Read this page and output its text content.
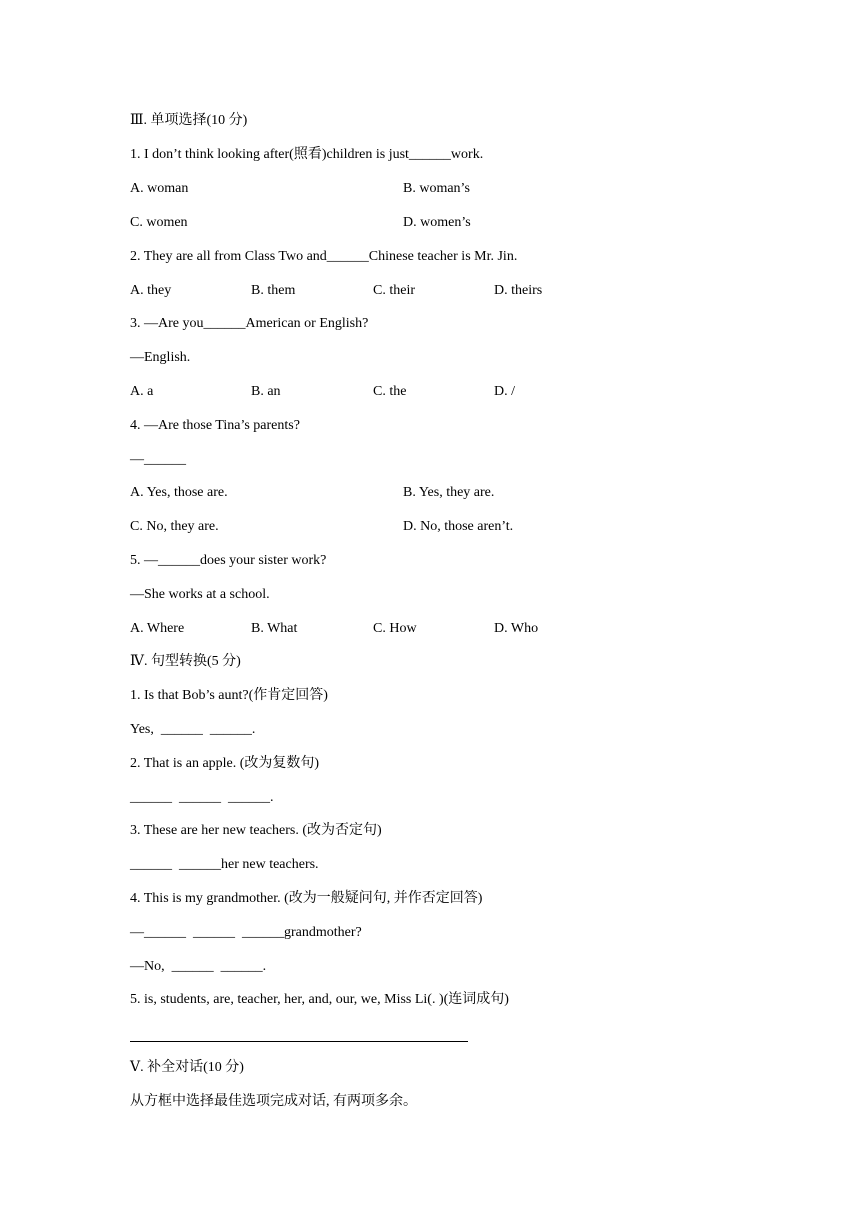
Ⅲ. 单项选择(10 分)
1. I don’t think looking after(照看)children is just______work.
A. woman	B. woman’s
C. women	D. women’s
2. They are all from Class Two and______Chinese teacher is Mr. Jin.
A. they	B. them	C. their	D. theirs
3. —Are you______American or English?
—English.
A. a	B. an	C. the	D. /
4. —Are those Tina’s parents?
—______
A. Yes, those are.	B. Yes, they are.
C. No, they are.	D. No, those aren’t.
5. —______does your sister work?
—She works at a school.
A. Where	B. What	C. How	D. Who
Ⅳ. 句型转换(5 分)
1. Is that Bob’s aunt?(作肯定回答)
Yes,  ______  ______.
2. That is an apple. (改为复数句)
______  ______  ______.
3. These are her new teachers. (改为否定句)
______  ______her new teachers.
4. This is my grandmother. (改为一般疑问句, 并作否定回答)
—______  ______  ______grandmother?
—No,  ______  ______.
5. is, students, are, teacher, her, and, our, we, Miss Li(. )(连词成句)
Ⅴ. 补全对话(10 分)
从方框中选择最佳选项完成对话, 有两项多余。
